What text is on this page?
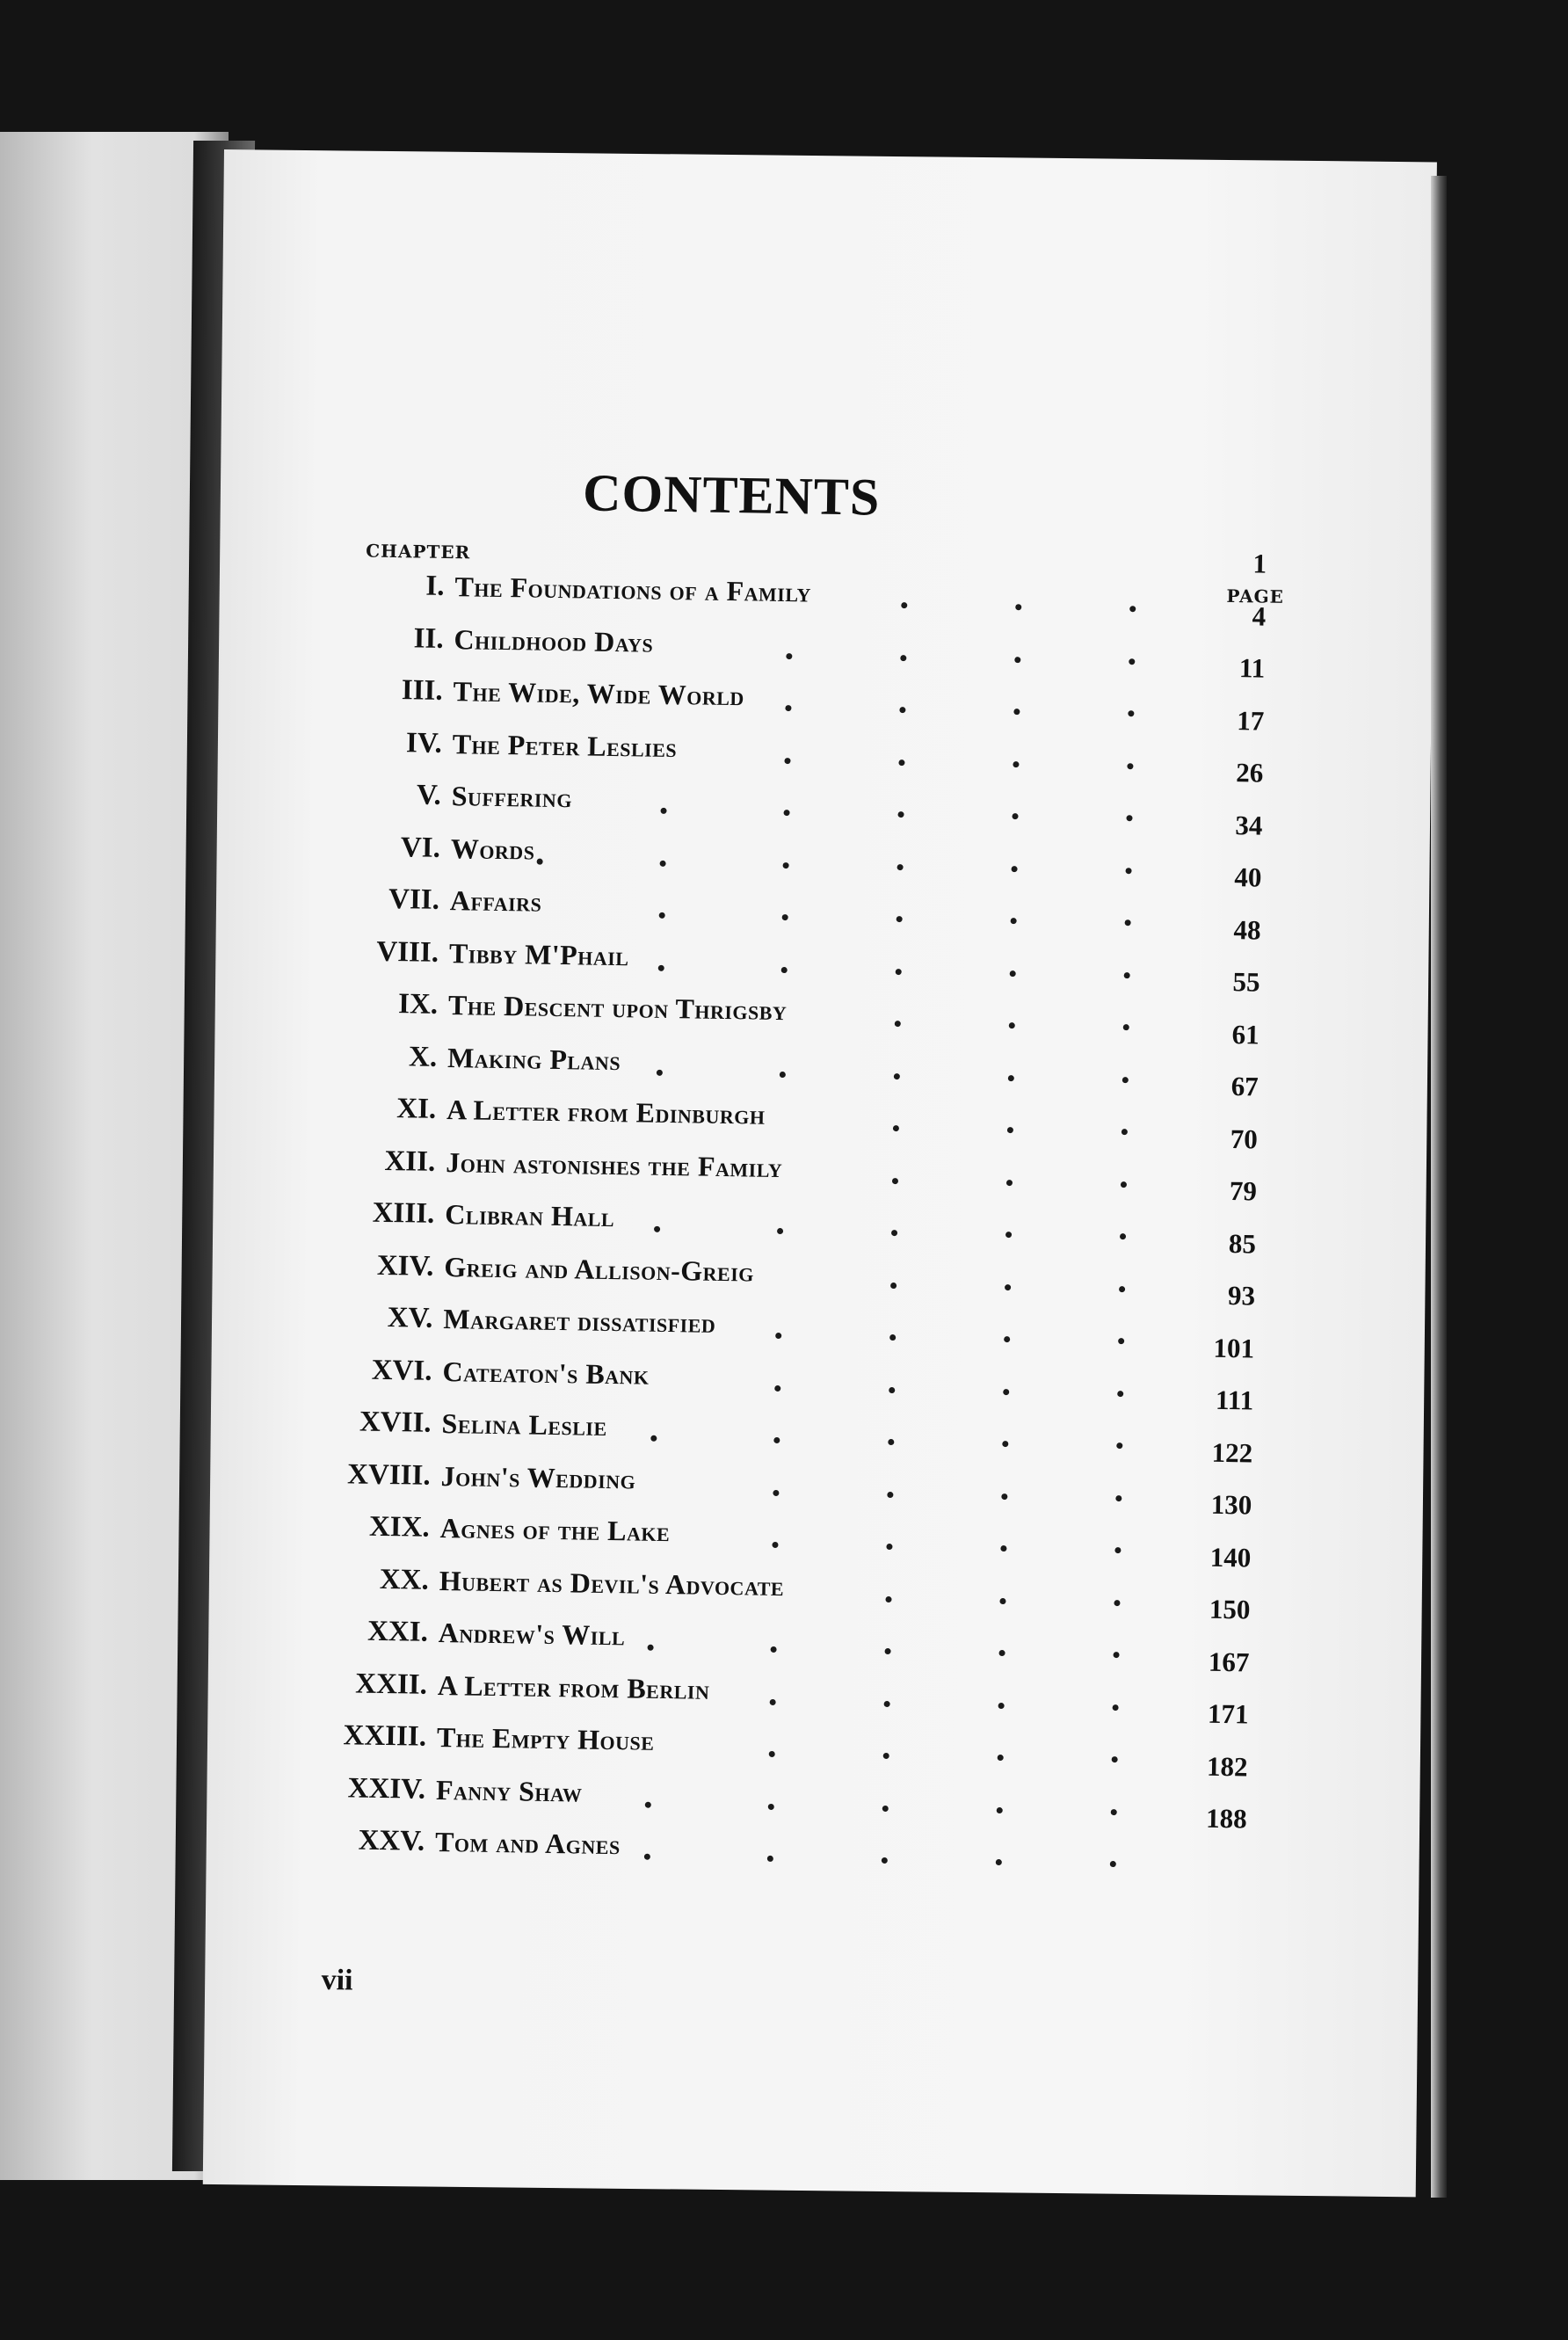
CONTENTS
CHAPTER
PAGE
I. The Foundations of a Family
1
II. Childhood Days
4
III. The Wide, Wide World
11
IV. The Peter Leslies
17
V. Suffering
26
VI. Words
34
VII. Affairs
40
VIII. Tibby M'Phail
48
IX. The Descent upon Thrigsby
55
X. Making Plans
61
XI. A Letter from Edinburgh
67
XII. John astonishes the Family
70
XIII. Clibran Hall
79
XIV. Greig and Allison-Greig
85
XV. Margaret dissatisfied
93
XVI. Cateaton's Bank
101
XVII. Selina Leslie
111
XVIII. John's Wedding
122
XIX. Agnes of the Lake
130
XX. Hubert as Devil's Advocate
140
XXI. Andrew's Will
150
XXII. A Letter from Berlin
167
XXIII. The Empty House
171
XXIV. Fanny Shaw
182
XXV. Tom and Agnes
188
vii
